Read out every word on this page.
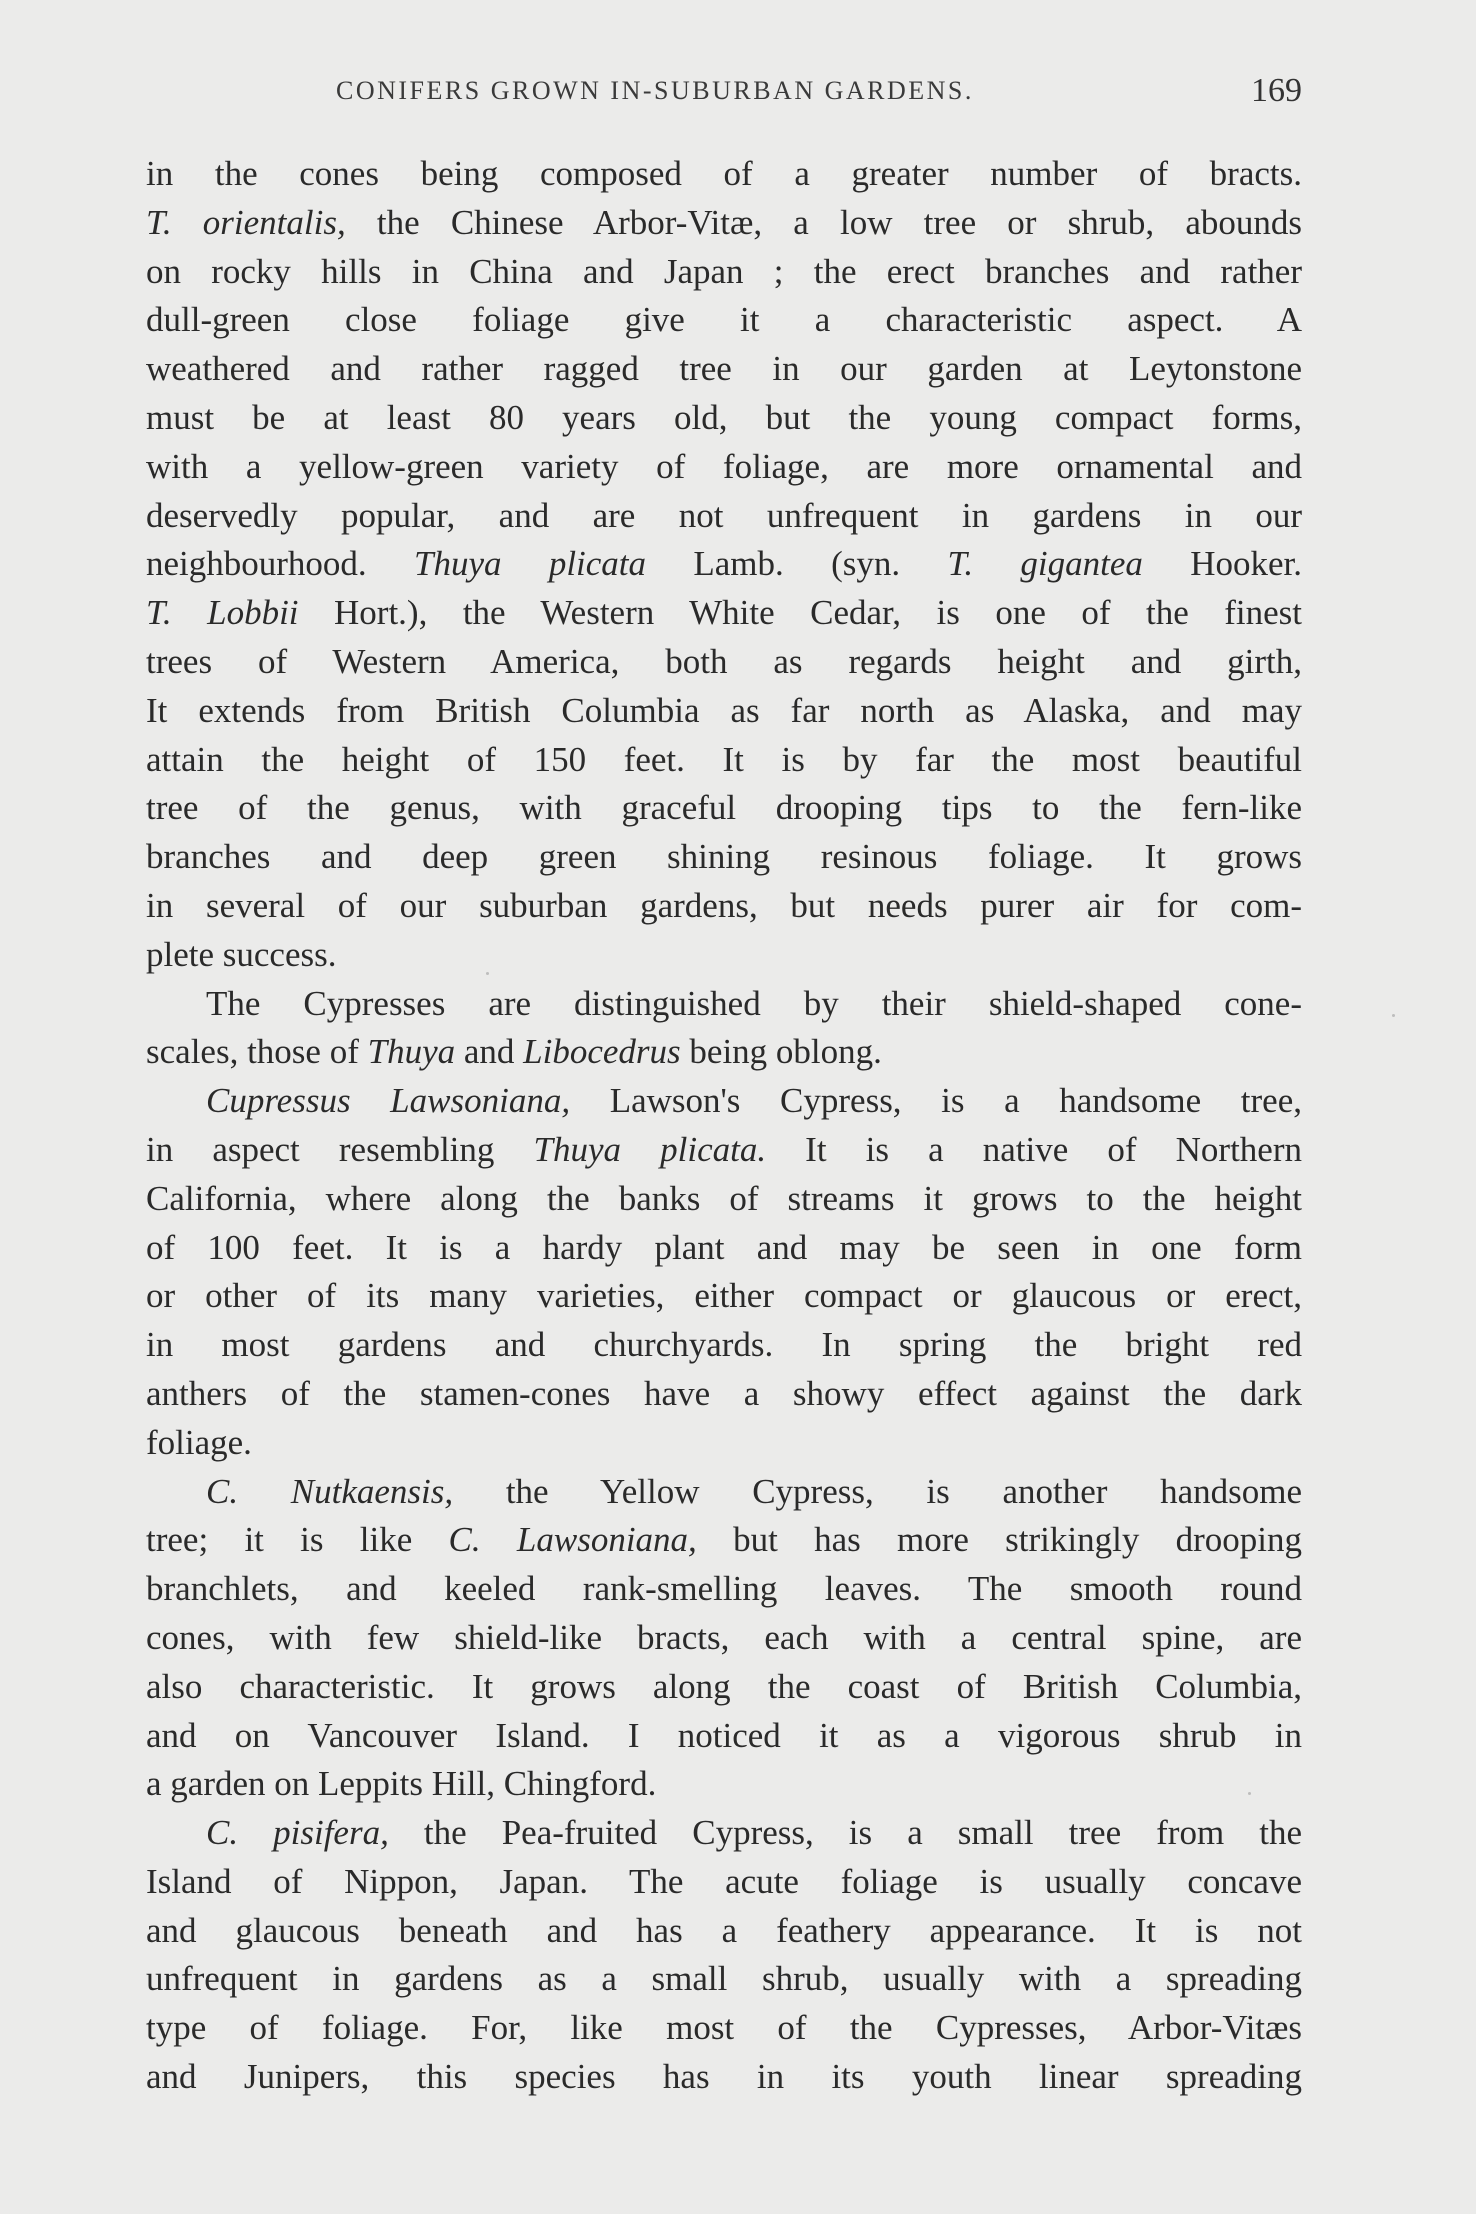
CONIFERS GROWN IN-SUBURBAN GARDENS.	169
in the cones being composed of a greater number of bracts.
T. orientalis, the Chinese Arbor-Vitæ, a low tree or shrub, abounds
on rocky hills in China and Japan ; the erect branches and rather
dull-green close foliage give it a characteristic aspect. A
weathered and rather ragged tree in our garden at Leytonstone
must be at least 80 years old, but the young compact forms,
with a yellow-green variety of foliage, are more ornamental and
deservedly popular, and are not unfrequent in gardens in our
neighbourhood. Thuya plicata Lamb. (syn. T. gigantea Hooker.
T. Lobbii Hort.), the Western White Cedar, is one of the finest
trees of Western America, both as regards height and girth,
It extends from British Columbia as far north as Alaska, and may
attain the height of 150 feet. It is by far the most beautiful
tree of the genus, with graceful drooping tips to the fern-like
branches and deep green shining resinous foliage. It grows
in several of our suburban gardens, but needs purer air for com-
plete success.
The Cypresses are distinguished by their shield-shaped cone-
scales, those of Thuya and Libocedrus being oblong.
Cupressus Lawsoniana, Lawson's Cypress, is a handsome tree,
in aspect resembling Thuya plicata. It is a native of Northern
California, where along the banks of streams it grows to the height
of 100 feet. It is a hardy plant and may be seen in one form
or other of its many varieties, either compact or glaucous or erect,
in most gardens and churchyards. In spring the bright red
anthers of the stamen-cones have a showy effect against the dark
foliage.
C. Nutkaensis, the Yellow Cypress, is another handsome
tree; it is like C. Lawsoniana, but has more strikingly drooping
branchlets, and keeled rank-smelling leaves. The smooth round
cones, with few shield-like bracts, each with a central spine, are
also characteristic. It grows along the coast of British Columbia,
and on Vancouver Island. I noticed it as a vigorous shrub in
a garden on Leppits Hill, Chingford.
C. pisifera, the Pea-fruited Cypress, is a small tree from the
Island of Nippon, Japan. The acute foliage is usually concave
and glaucous beneath and has a feathery appearance. It is not
unfrequent in gardens as a small shrub, usually with a spreading
type of foliage. For, like most of the Cypresses, Arbor-Vitæs
and Junipers, this species has in its youth linear spreading
